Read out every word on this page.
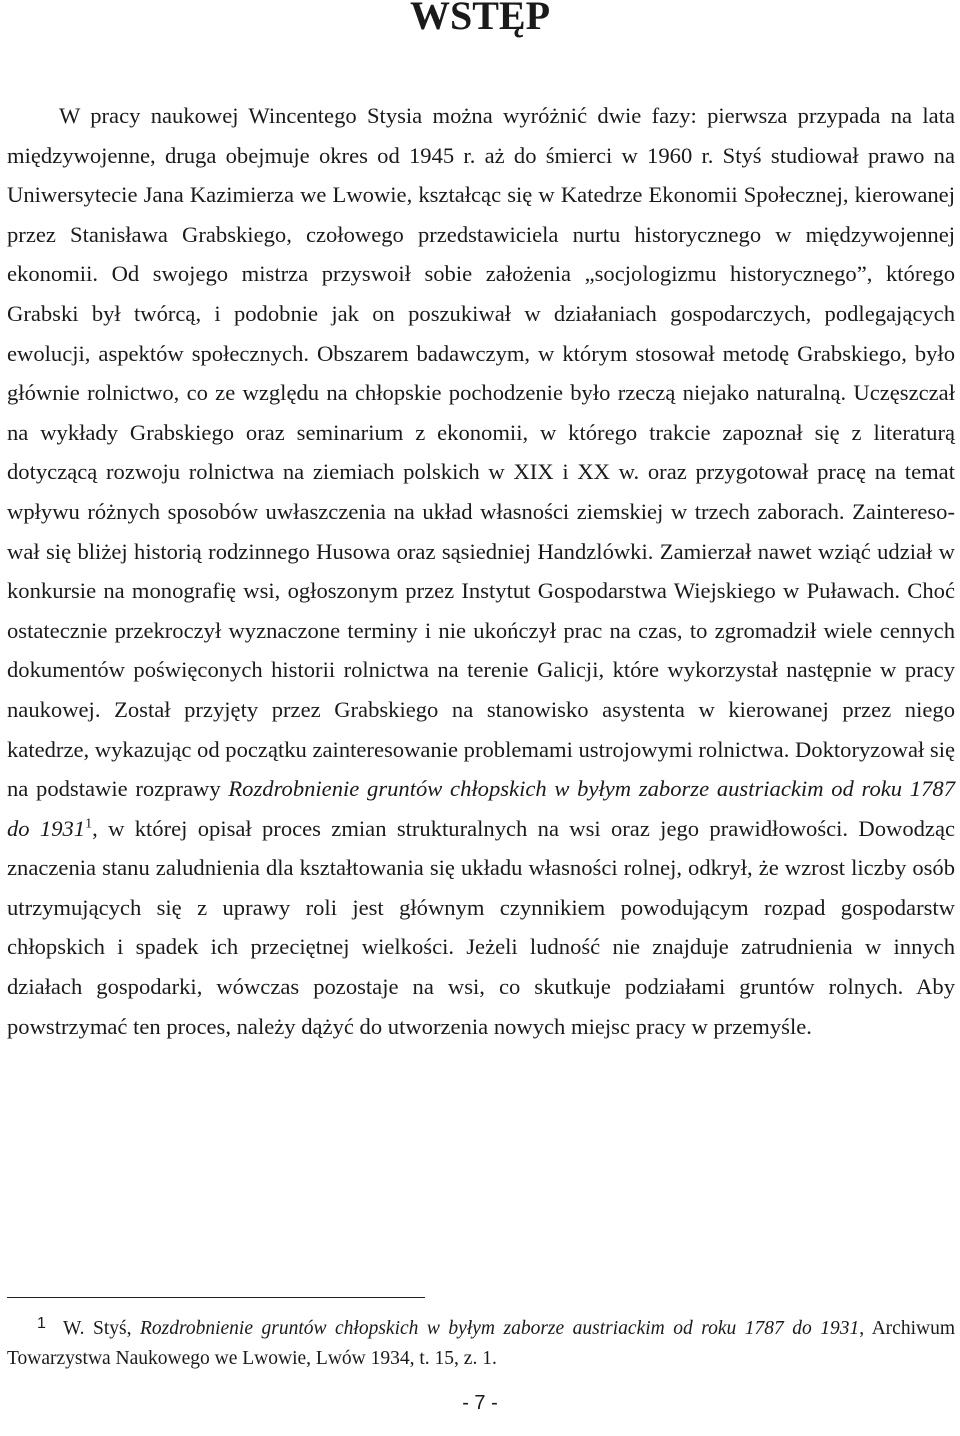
WSTĘP

W pracy naukowej Wincentego Stysia można wyróżnić dwie fazy: pierwsza przypada na lata międzywojenne, druga obejmuje okres od 1945 r. aż do śmierci w 1960 r. Styś studiował prawo na Uniwersytecie Jana Kazimierza we Lwowie, kształcąc się w Katedrze Ekonomii Społecznej, kierowanej przez Stanisława Grabskiego, czołowego przedstawiciela nurtu historycznego w międzywojennej ekonomii. Od swojego mistrza przyswoił sobie założenia „socjologizmu historycznego”, którego Grabski był twórcą, i podobnie jak on poszukiwał w działaniach gospodarczych, podlegających ewolucji, aspektów społecznych. Obszarem badawczym, w którym stosował metodę Grabskiego, było głównie rolnictwo, co ze względu na chłopskie pochodzenie było rzeczą niejako naturalną. Uczęszczał na wykłady Grabskiego oraz seminarium z ekonomii, w którego trakcie zapoznał się z literaturą dotyczącą rozwoju rolnictwa na ziemiach polskich w XIX i XX w. oraz przygotował pracę na temat wpływu różnych sposobów uwłaszczenia na układ własności ziemskiej w trzech zaborach. Zainteresował się bliżej historią rodzinnego Husowa oraz sąsiedniej Handzlówki. Zamierzał nawet wziąć udział w konkursie na monografię wsi, ogłoszonym przez Instytut Gospodarstwa Wiejskiego w Puławach. Choć ostatecznie przekroczył wyznaczone terminy i nie ukończył prac na czas, to zgromadził wiele cennych dokumentów poświęconych historii rolnictwa na terenie Galicji, które wykorzystał następnie w pracy naukowej. Został przyjęty przez Grabskiego na stanowisko asystenta w kierowanej przez niego katedrze, wykazując od początku zainteresowanie problemami ustrojowymi rolnictwa. Doktoryzował się na podstawie rozprawy Rozdrobnienie gruntów chłopskich w byłym zaborze austriackim od roku 1787 do 1931$^1$, w której opisał proces zmian strukturalnych na wsi oraz jego prawidłowości. Dowodząc znaczenia stanu zaludnienia dla kształtowania się układu własności rolnej, odkrył, że wzrost liczby osób utrzymujących się z uprawy roli jest głównym czynnikiem powodującym rozpad gospodarstw chłopskich i spadek ich przeciętnej wielkości. Jeżeli ludność nie znajduje zatrudnienia w innych działach gospodarki, wówczas pozostaje na wsi, co skutkuje podziałami gruntów rolnych. Aby powstrzymać ten proces, należy dążyć do utworzenia nowych miejsc pracy w przemyśle.

1 W. Styś, Rozdrobnienie gruntów chłopskich w byłym zaborze austriackim od roku 1787 do 1931, Archiwum Towarzystwa Naukowego we Lwowie, Lwów 1934, t. 15, z. 1.

- 7 -
